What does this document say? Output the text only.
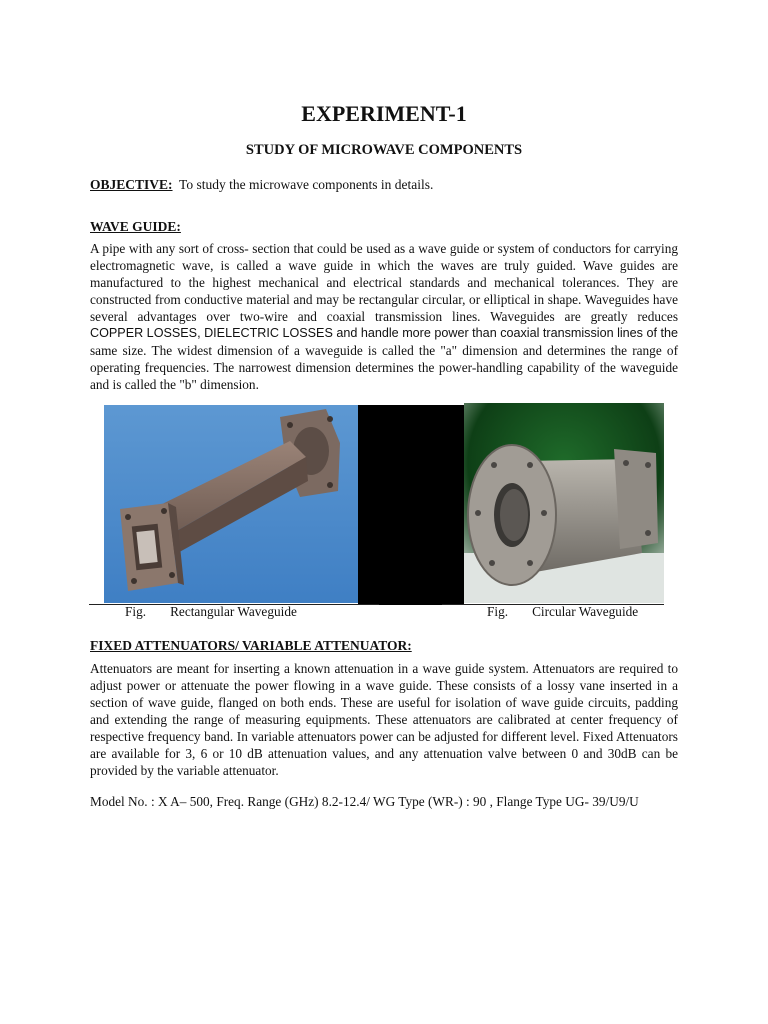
EXPERIMENT-1
STUDY OF MICROWAVE COMPONENTS

OBJECTIVE: To study the microwave components in details.

WAVE GUIDE:

A pipe with any sort of cross- section that could be used as a wave guide or system of conductors for carrying electromagnetic wave, is called a wave guide in which the waves are truly guided. Wave guides are manufactured to the highest mechanical and electrical standards and mechanical tolerances. They are constructed from conductive material and may be rectangular circular, or elliptical in shape. Waveguides have several advantages over two-wire and coaxial transmission lines. Waveguides are greatly reduces

COPPER LOSSES, DIELECTRIC LOSSES and handle more power than coaxial transmission lines of the

same size. The widest dimension of a waveguide is called the "a" dimension and determines the range of operating frequencies. The narrowest dimension determines the power-handling capability of the waveguide and is called the "b" dimension.

Fig. Rectangular Waveguide	Fig. Circular Waveguide

FIXED ATTENUATORS/ VARIABLE ATTENUATOR:

Attenuators are meant for inserting a known attenuation in a wave guide system. Attenuators are required to adjust power or attenuate the power flowing in a wave guide. These consists of a lossy vane inserted in a section of wave guide, flanged on both ends. These are useful for isolation of wave guide circuits, padding and extending the range of measuring equipments. These attenuators are calibrated at center frequency of respective frequency band. In variable attenuators power can be adjusted for different level. Fixed Attenuators are available for 3, 6 or 10 dB attenuation values, and any attenuation valve between 0 and 30dB can be provided by the variable attenuator.

Model No. : X A– 500, Freq. Range (GHz) 8.2-12.4/ WG Type (WR-) : 90 , Flange Type UG- 39/U9/U
